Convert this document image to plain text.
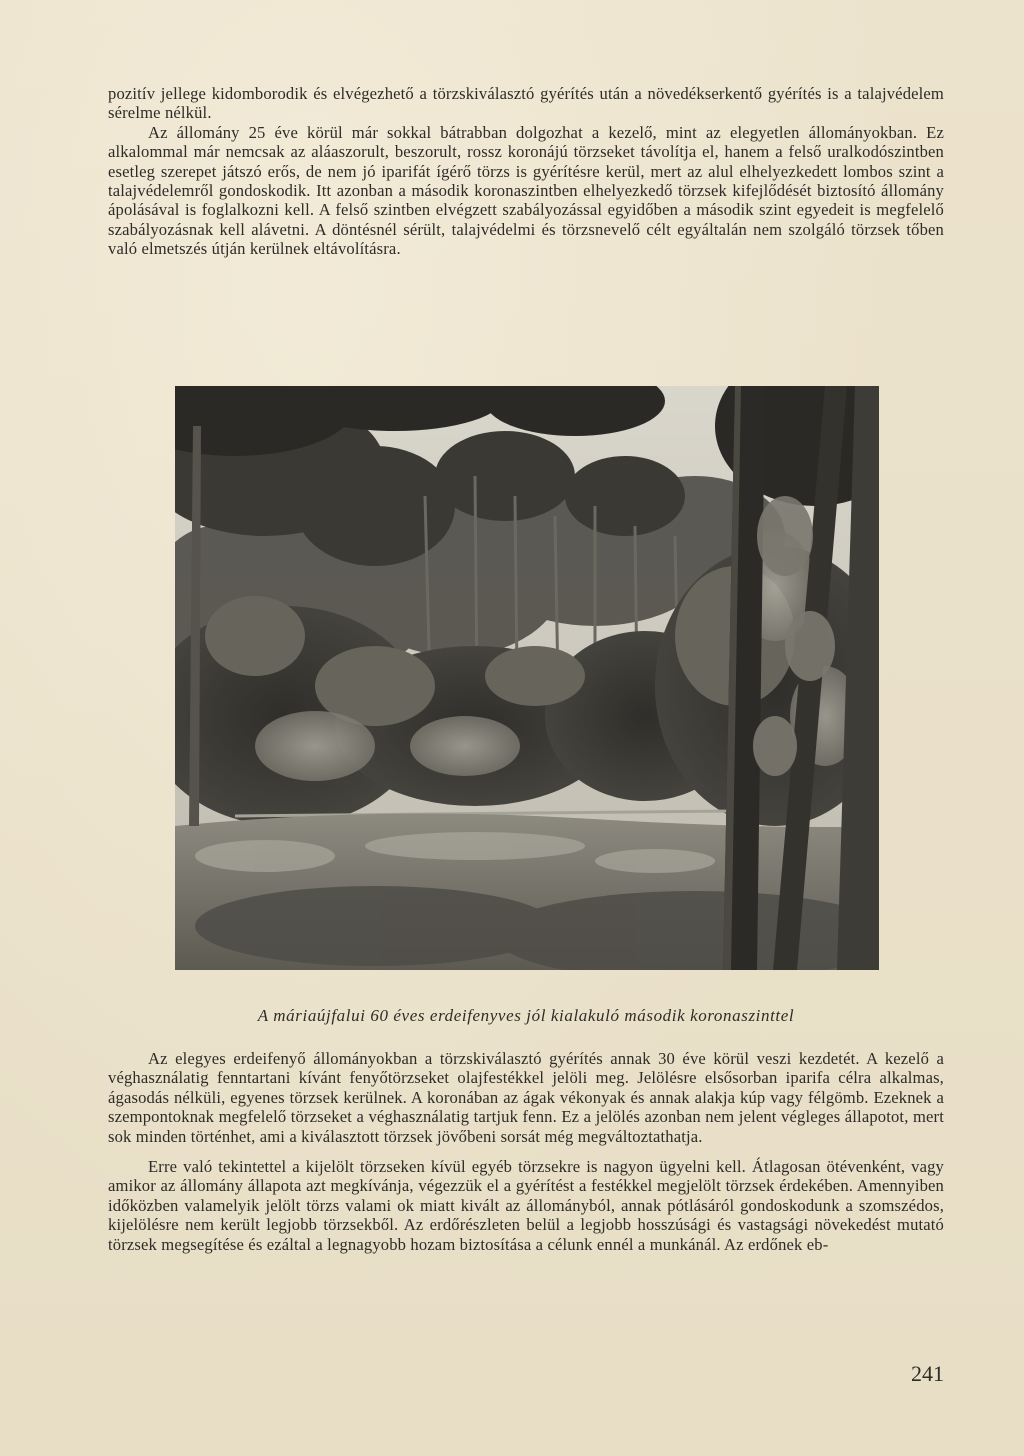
pozitív jellege kidomborodik és elvégezhető a törzskiválasztó gyérítés után a növedékserkentő gyérítés is a talajvédelem sérelme nélkül.

Az állomány 25 éve körül már sokkal bátrabban dolgozhat a kezelő, mint az elegyetlen állományokban. Ez alkalommal már nemcsak az aláaszorult, beszorult, rossz koronájú törzseket távolítja el, hanem a felső uralkodószintben esetleg szerepet játszó erős, de nem jó iparifát ígérő törzs is gyérítésre kerül, mert az alul elhelyezkedett lombos szint a talajvédelemről gondoskodik. Itt azonban a második koronaszintben elhelyezkedő törzsek kifejlődését biztosító állomány ápolásával is foglalkozni kell. A felső szintben elvégzett szabályozással egyidőben a második szint egyedeit is megfelelő szabályozásnak kell alávetni. A döntésnél sérült, talajvédelmi és törzsnevelő célt egyáltalán nem szolgáló törzsek tőben való elmetszés útján kerülnek eltávolításra.

A máriaújfalui 60 éves erdeifenyves jól kialakuló második koronaszinttel

Az elegyes erdeifenyő állományokban a törzskiválasztó gyérítés annak 30 éve körül veszi kezdetét. A kezelő a véghasználatig fenntartani kívánt fenyőtörzseket olajfestékkel jelöli meg. Jelölésre elsősorban iparifa célra alkalmas, ágasodás nélküli, egyenes törzsek kerülnek. A koronában az ágak vékonyak és annak alakja kúp vagy félgömb. Ezeknek a szempontoknak megfelelő törzseket a véghasználatig tartjuk fenn. Ez a jelölés azonban nem jelent végleges állapotot, mert sok minden történhet, ami a kiválasztott törzsek jövőbeni sorsát még megváltoztathatja.

Erre való tekintettel a kijelölt törzseken kívül egyéb törzsekre is nagyon ügyelni kell. Átlagosan ötévenként, vagy amikor az állomány állapota azt megkívánja, végezzük el a gyérítést a festékkel megjelölt törzsek érdekében. Amennyiben időközben valamelyik jelölt törzs valami ok miatt kivált az állományból, annak pótlásáról gondoskodunk a szomszédos, kijelölésre nem került legjobb törzsekből. Az erdőrészleten belül a legjobb hosszúsági és vastagsági növekedést mutató törzsek megsegítése és ezáltal a legnagyobb hozam biztosítása a célunk ennél a munkánál. Az erdőnek eb-

241
